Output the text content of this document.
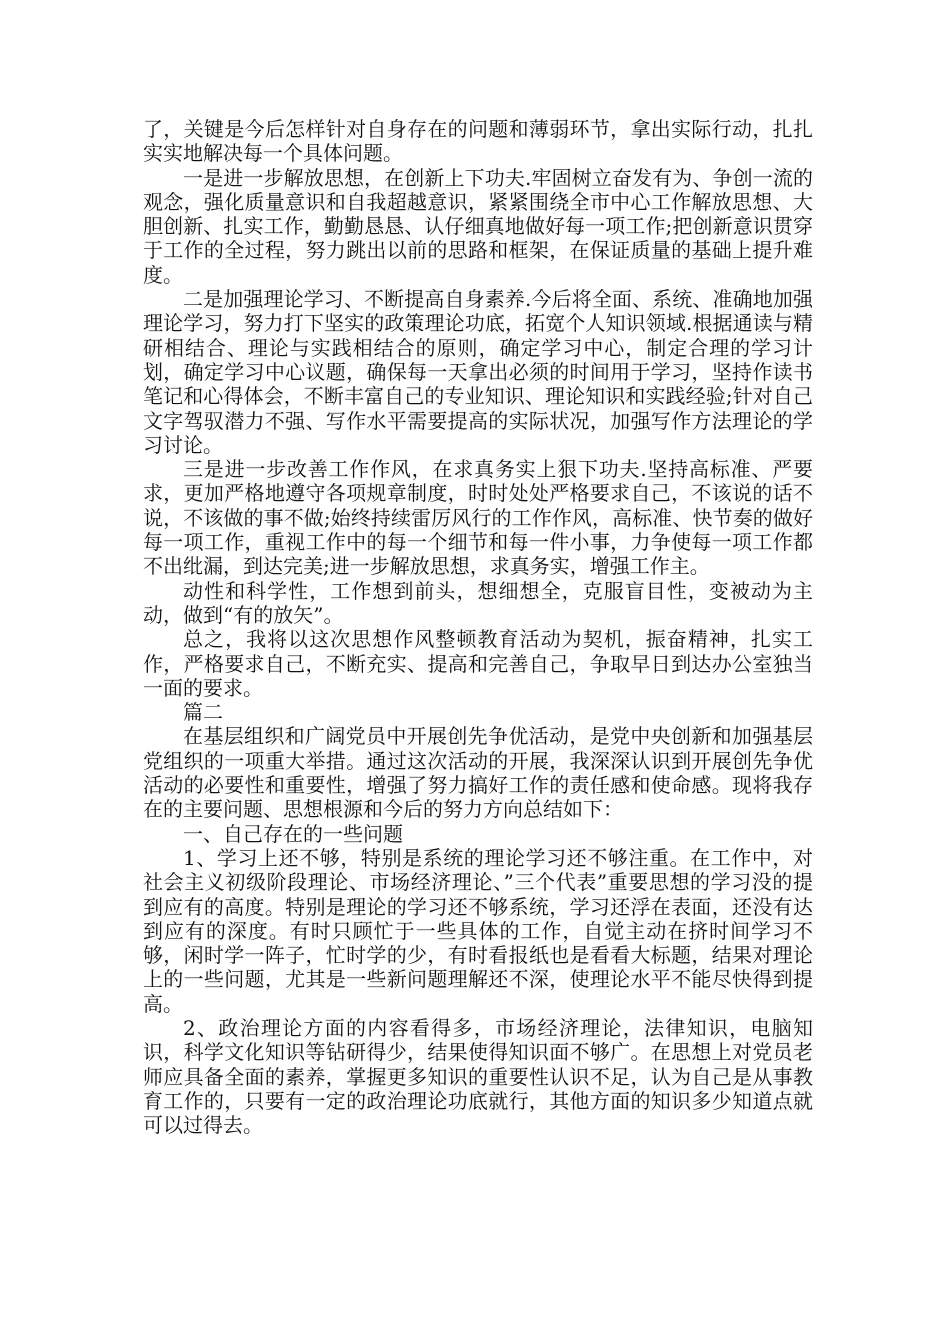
了，关键是今后怎样针对自身存在的问题和薄弱环节，拿出实际行动，扎扎实实地解决每一个具体问题。

一是进一步解放思想，在创新上下功夫.牢固树立奋发有为、争创一流的观念，强化质量意识和自我超越意识，紧紧围绕全市中心工作解放思想、大胆创新、扎实工作，勤勤恳恳、认仔细真地做好每一项工作;把创新意识贯穿于工作的全过程，努力跳出以前的思路和框架，在保证质量的基础上提升难度。

二是加强理论学习、不断提高自身素养.今后将全面、系统、准确地加强理论学习，努力打下坚实的政策理论功底，拓宽个人知识领域.根据通读与精研相结合、理论与实践相结合的原则，确定学习中心，制定合理的学习计划，确定学习中心议题，确保每一天拿出必须的时间用于学习，坚持作读书笔记和心得体会，不断丰富自己的专业知识、理论知识和实践经验;针对自己文字驾驭潜力不强、写作水平需要提高的实际状况，加强写作方法理论的学习讨论。

三是进一步改善工作作风，在求真务实上狠下功夫.坚持高标准、严要求，更加严格地遵守各项规章制度，时时处处严格要求自己，不该说的话不说，不该做的事不做;始终持续雷厉风行的工作作风，高标准、快节奏的做好每一项工作，重视工作中的每一个细节和每一件小事，力争使每一项工作都不出纰漏，到达完美;进一步解放思想，求真务实，增强工作主。

动性和科学性，工作想到前头，想细想全，克服盲目性，变被动为主动，做到“有的放矢”。

总之，我将以这次思想作风整顿教育活动为契机，振奋精神，扎实工作，严格要求自己，不断充实、提高和完善自己，争取早日到达办公室独当一面的要求。

篇二

在基层组织和广阔党员中开展创先争优活动，是党中央创新和加强基层党组织的一项重大举措。通过这次活动的开展，我深深认识到开展创先争优活动的必要性和重要性，增强了努力搞好工作的责任感和使命感。现将我存在的主要问题、思想根源和今后的努力方向总结如下：

一、自己存在的一些问题

1、学习上还不够，特别是系统的理论学习还不够注重。在工作中，对社会主义初级阶段理论、市场经济理论、”三个代表”重要思想的学习没的提到应有的高度。特别是理论的学习还不够系统，学习还浮在表面，还没有达到应有的深度。有时只顾忙于一些具体的工作，自觉主动在挤时间学习不够，闲时学一阵子，忙时学的少，有时看报纸也是看看大标题，结果对理论上的一些问题，尤其是一些新问题理解还不深，使理论水平不能尽快得到提高。

2、政治理论方面的内容看得多，市场经济理论，法律知识，电脑知识，科学文化知识等钻研得少，结果使得知识面不够广。在思想上对党员老师应具备全面的素养，掌握更多知识的重要性认识不足，认为自己是从事教育工作的，只要有一定的政治理论功底就行，其他方面的知识多少知道点就可以过得去。
